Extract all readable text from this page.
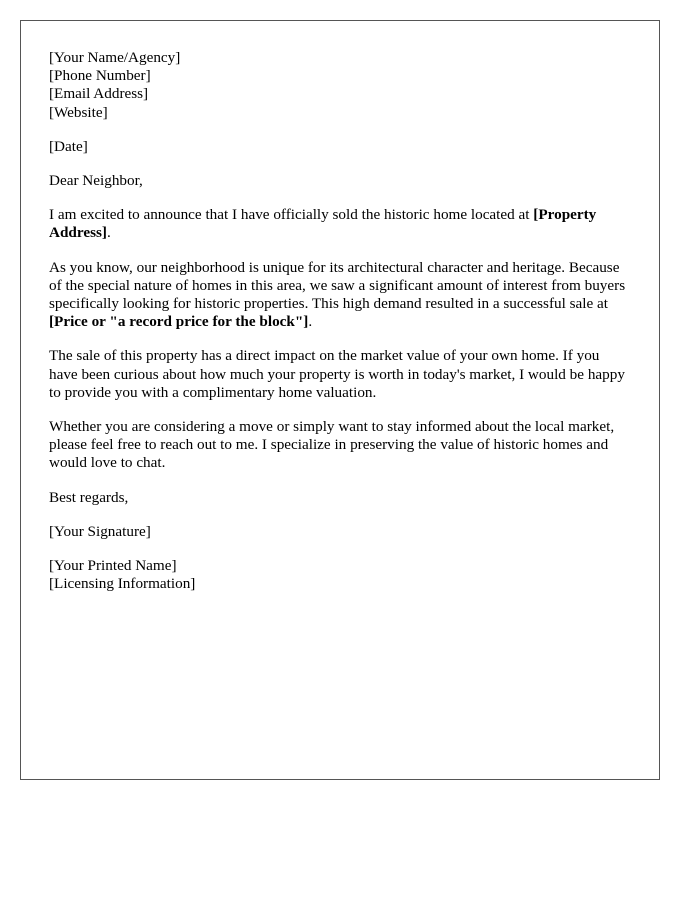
[Your Name/Agency]
[Phone Number]
[Email Address]
[Website]

[Date]

Dear Neighbor,

I am excited to announce that I have officially sold the historic home located at [Property Address].

As you know, our neighborhood is unique for its architectural character and heritage. Because of the special nature of homes in this area, we saw a significant amount of interest from buyers specifically looking for historic properties. This high demand resulted in a successful sale at [Price or "a record price for the block"].

The sale of this property has a direct impact on the market value of your own home. If you have been curious about how much your property is worth in today's market, I would be happy to provide you with a complimentary home valuation.

Whether you are considering a move or simply want to stay informed about the local market, please feel free to reach out to me. I specialize in preserving the value of historic homes and would love to chat.

Best regards,

[Your Signature]

[Your Printed Name]
[Licensing Information]
